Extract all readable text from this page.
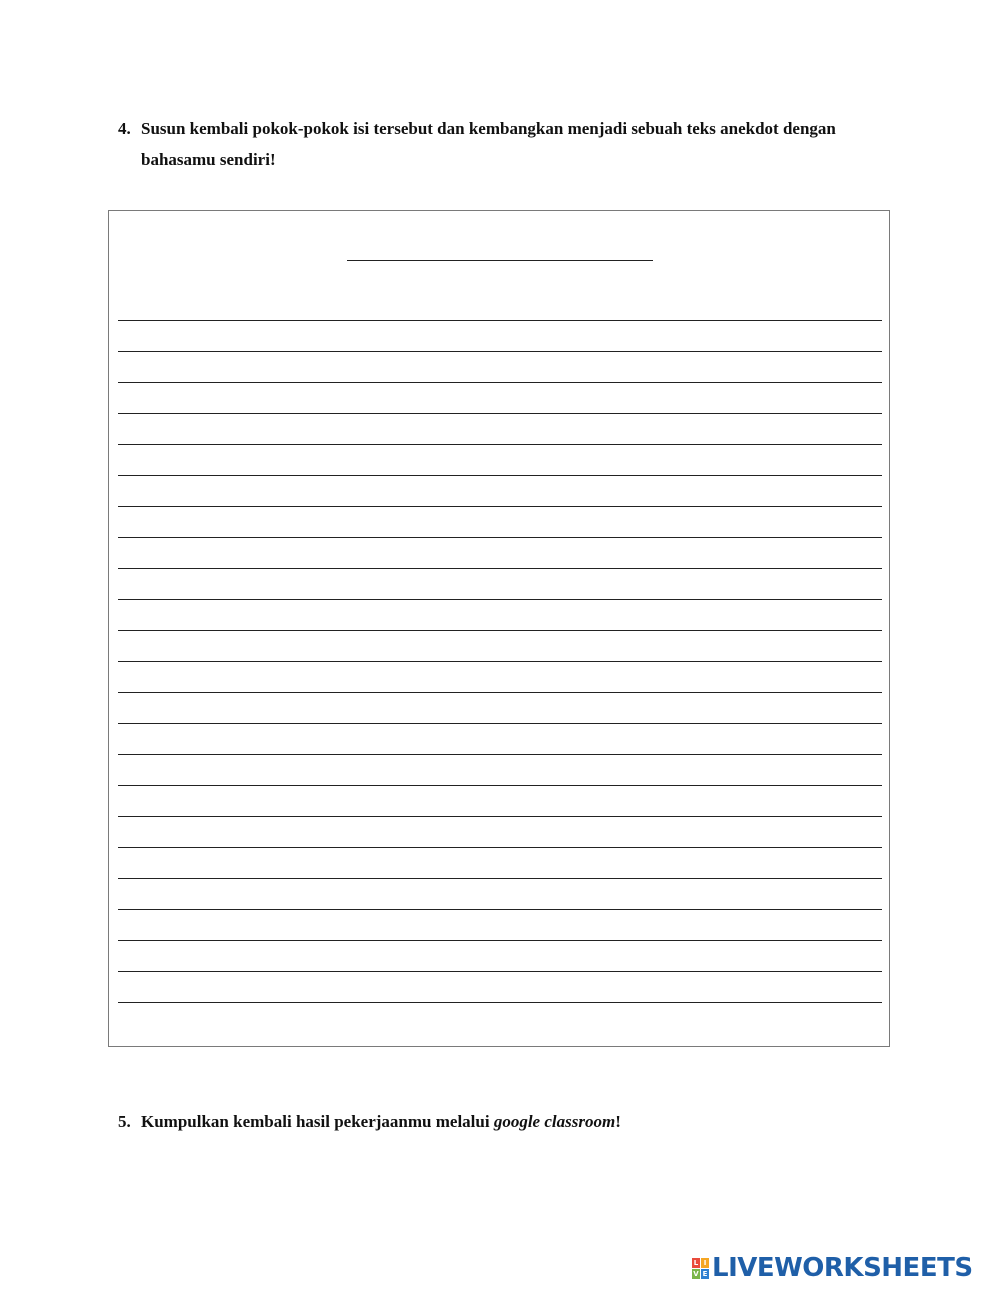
4. Susun kembali pokok-pokok isi tersebut dan kembangkan menjadi sebuah teks anekdot dengan bahasamu sendiri!
5. Kumpulkan kembali hasil pekerjaanmu melalui google classroom!
L I
V E LIVEWORKSHEETS
